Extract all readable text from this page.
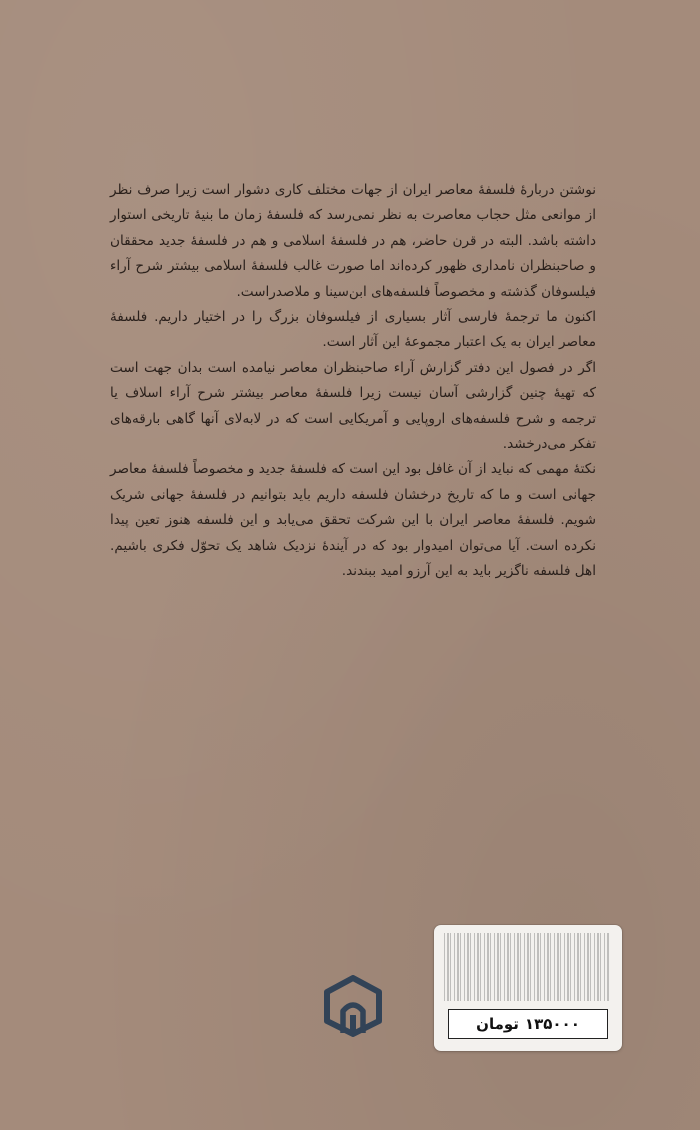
نوشتن دربارهٔ فلسفهٔ معاصر ایران از جهات مختلف کاری دشوار است زیرا صرف نظر از موانعی مثل حجاب معاصرت به نظر نمی‌رسد که فلسفهٔ زمان ما بنیهٔ تاریخی استوار داشته باشد. البته در قرن حاضر، هم در فلسفهٔ اسلامی و هم در فلسفهٔ جدید محققان و صاحبنظران نامداری ظهور کرده‌اند اما صورت غالب فلسفهٔ اسلامی بیشتر شرح آراء فیلسوفان گذشته و مخصوصاً فلسفه‌های ابن‌سینا و ملاصدراست.

اکنون ما ترجمهٔ فارسی آثار بسیاری از فیلسوفان بزرگ را در اختیار داریم. فلسفهٔ معاصر ایران به یک اعتبار مجموعهٔ این آثار است.

اگر در فصول این دفتر گزارش آراء صاحبنظران معاصر نیامده است بدان جهت است که تهیهٔ چنین گزارشی آسان نیست زیرا فلسفهٔ معاصر بیشتر شرح آراء اسلاف یا ترجمه و شرح فلسفه‌های اروپایی و آمریکایی است که در لابه‌لای آنها گاهی بارقه‌های تفکر می‌درخشد.

نکتهٔ مهمی که نباید از آن غافل بود این است که فلسفهٔ جدید و مخصوصاً فلسفهٔ معاصر جهانی است و ما که تاریخ درخشان فلسفه داریم باید بتوانیم در فلسفهٔ جهانی شریک شویم. فلسفهٔ معاصر ایران با این شرکت تحقق می‌یابد و این فلسفه هنوز تعین پیدا نکرده است. آیا می‌توان امیدوار بود که در آیندهٔ نزدیک شاهد یک تحوّل فکری باشیم. اهل فلسفه ناگزیر باید به این آرزو امید ببندند.

۱۳۵۰۰۰
تومان
